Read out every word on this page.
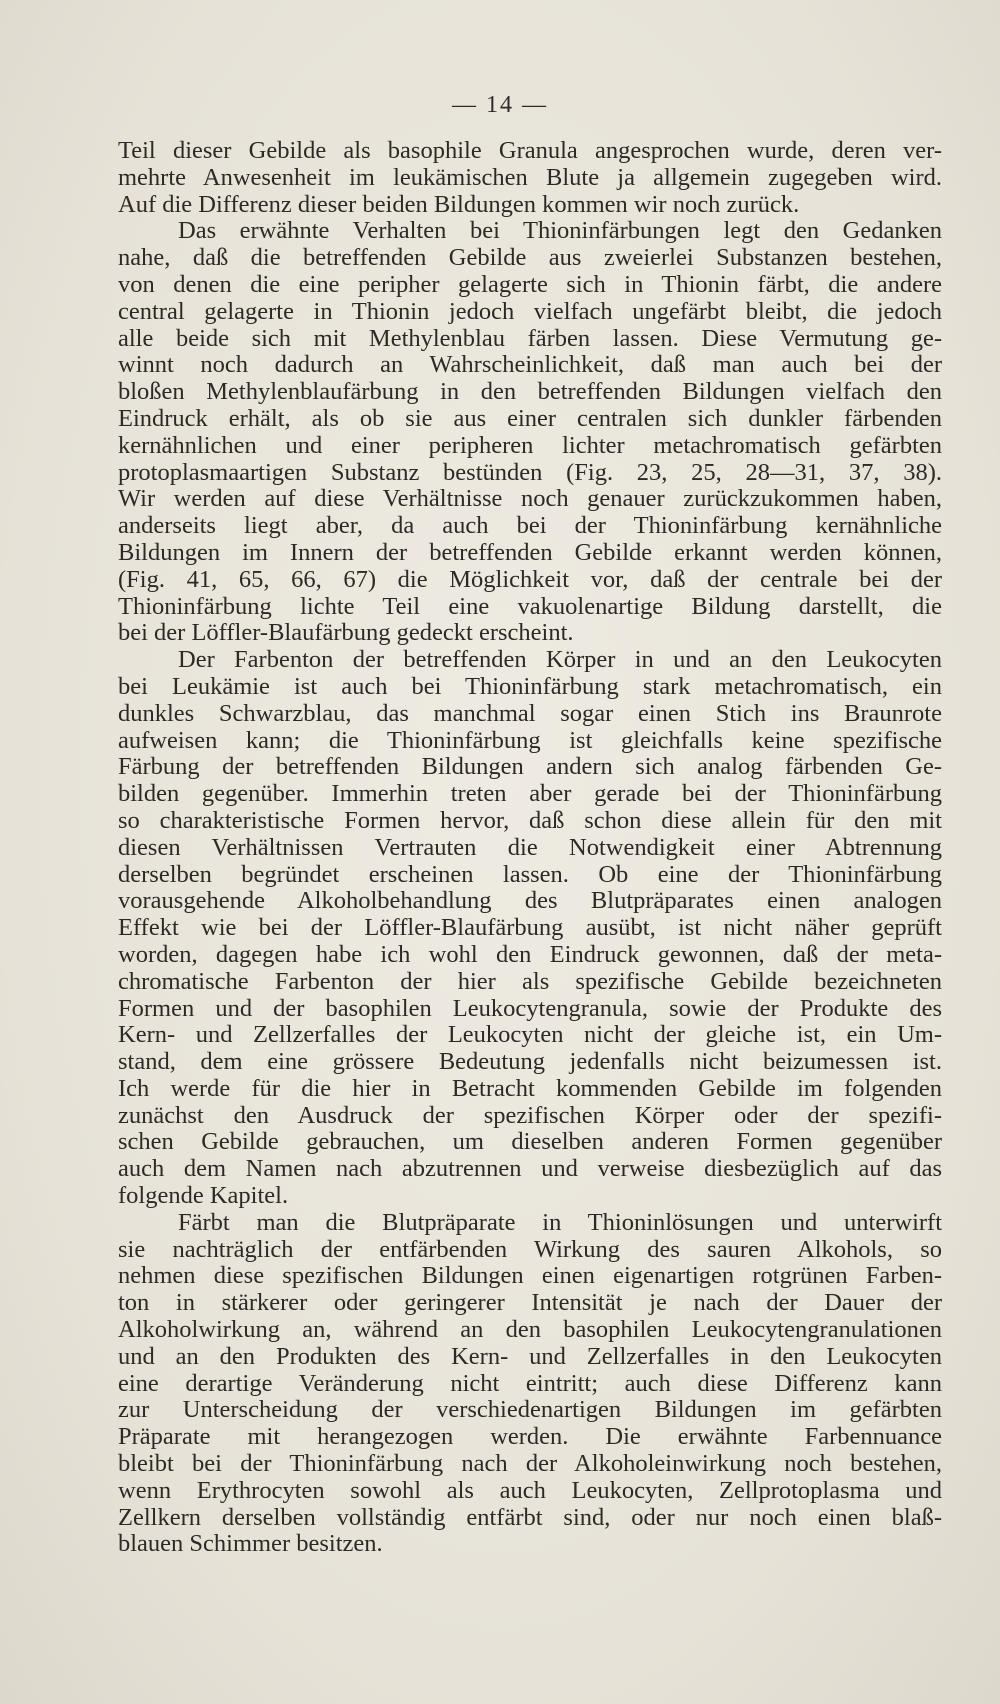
— 14 —
Teil dieser Gebilde als basophile Granula angesprochen wurde, deren ver-
mehrte Anwesenheit im leukämischen Blute ja allgemein zugegeben wird.
Auf die Differenz dieser beiden Bildungen kommen wir noch zurück.
Das erwähnte Verhalten bei Thioninfärbungen legt den Gedanken
nahe, daß die betreffenden Gebilde aus zweierlei Substanzen bestehen,
von denen die eine peripher gelagerte sich in Thionin färbt, die andere
central gelagerte in Thionin jedoch vielfach ungefärbt bleibt, die jedoch
alle beide sich mit Methylenblau färben lassen. Diese Vermutung ge-
winnt noch dadurch an Wahrscheinlichkeit, daß man auch bei der
bloßen Methylenblaufärbung in den betreffenden Bildungen vielfach den
Eindruck erhält, als ob sie aus einer centralen sich dunkler färbenden
kernähnlichen und einer peripheren lichter metachromatisch gefärbten
protoplasmaartigen Substanz bestünden (Fig. 23, 25, 28—31, 37, 38).
Wir werden auf diese Verhältnisse noch genauer zurückzukommen haben,
anderseits liegt aber, da auch bei der Thioninfärbung kernähnliche
Bildungen im Innern der betreffenden Gebilde erkannt werden können,
(Fig. 41, 65, 66, 67) die Möglichkeit vor, daß der centrale bei der
Thioninfärbung lichte Teil eine vakuolenartige Bildung darstellt, die
bei der Löffler-Blaufärbung gedeckt erscheint.
Der Farbenton der betreffenden Körper in und an den Leukocyten
bei Leukämie ist auch bei Thioninfärbung stark metachromatisch, ein
dunkles Schwarzblau, das manchmal sogar einen Stich ins Braunrote
aufweisen kann; die Thioninfärbung ist gleichfalls keine spezifische
Färbung der betreffenden Bildungen andern sich analog färbenden Ge-
bilden gegenüber. Immerhin treten aber gerade bei der Thioninfärbung
so charakteristische Formen hervor, daß schon diese allein für den mit
diesen Verhältnissen Vertrauten die Notwendigkeit einer Abtrennung
derselben begründet erscheinen lassen. Ob eine der Thioninfärbung
vorausgehende Alkoholbehandlung des Blutpräparates einen analogen
Effekt wie bei der Löffler-Blaufärbung ausübt, ist nicht näher geprüft
worden, dagegen habe ich wohl den Eindruck gewonnen, daß der meta-
chromatische Farbenton der hier als spezifische Gebilde bezeichneten
Formen und der basophilen Leukocytengranula, sowie der Produkte des
Kern- und Zellzerfalles der Leukocyten nicht der gleiche ist, ein Um-
stand, dem eine grössere Bedeutung jedenfalls nicht beizumessen ist.
Ich werde für die hier in Betracht kommenden Gebilde im folgenden
zunächst den Ausdruck der spezifischen Körper oder der spezifi-
schen Gebilde gebrauchen, um dieselben anderen Formen gegenüber
auch dem Namen nach abzutrennen und verweise diesbezüglich auf das
folgende Kapitel.
Färbt man die Blutpräparate in Thioninlösungen und unterwirft
sie nachträglich der entfärbenden Wirkung des sauren Alkohols, so
nehmen diese spezifischen Bildungen einen eigenartigen rotgrünen Farben-
ton in stärkerer oder geringerer Intensität je nach der Dauer der
Alkoholwirkung an, während an den basophilen Leukocytengranulationen
und an den Produkten des Kern- und Zellzerfalles in den Leukocyten
eine derartige Veränderung nicht eintritt; auch diese Differenz kann
zur Unterscheidung der verschiedenartigen Bildungen im gefärbten
Präparate mit herangezogen werden. Die erwähnte Farbennuance
bleibt bei der Thioninfärbung nach der Alkoholeinwirkung noch bestehen,
wenn Erythrocyten sowohl als auch Leukocyten, Zellprotoplasma und
Zellkern derselben vollständig entfärbt sind, oder nur noch einen blaß-
blauen Schimmer besitzen.
